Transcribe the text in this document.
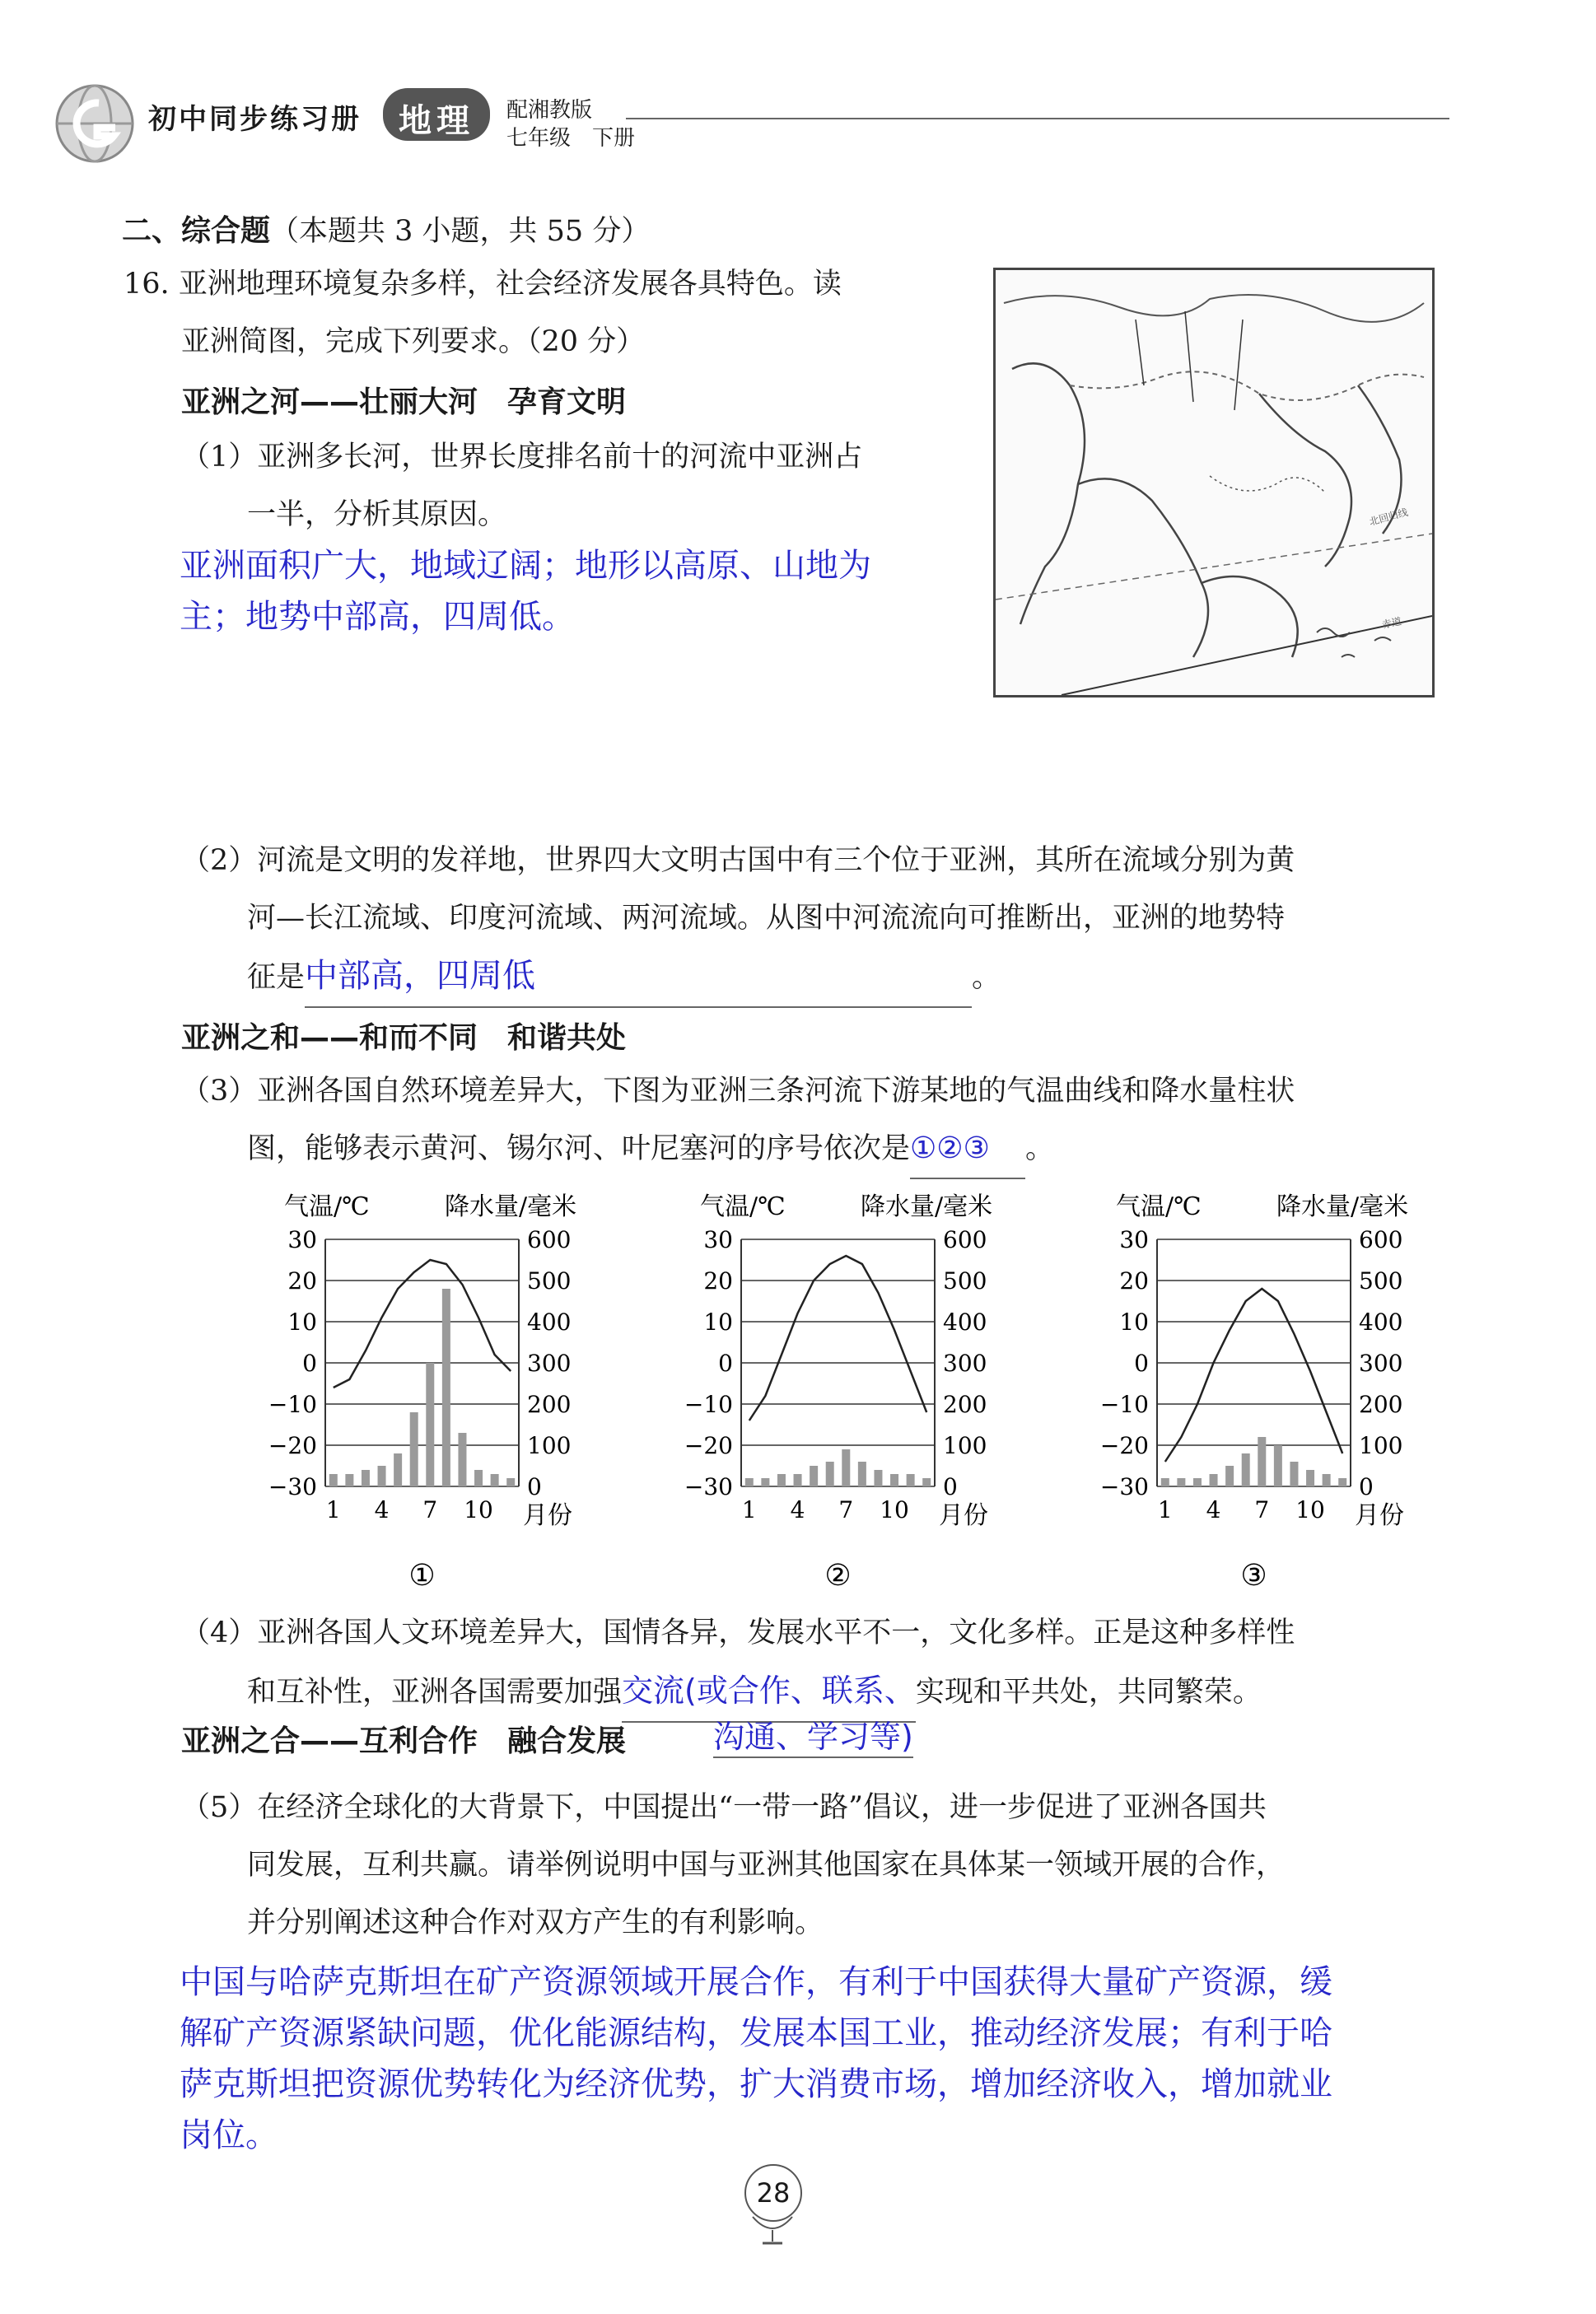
初中同步练习册	地理	配湘教版
七年级　下册
二、综合题（本题共 3 小题，共 55 分）
16. 亚洲地理环境复杂多样，社会经济发展各具特色。读
亚洲简图，完成下列要求。（20 分）
亚洲之河——壮丽大河　孕育文明
（1）亚洲多长河，世界长度排名前十的河流中亚洲占
一半，分析其原因。
亚洲面积广大，地域辽阔；地形以高原、山地为
主；地势中部高，四周低。
北回归线
赤道
（2）河流是文明的发祥地，世界四大文明古国中有三个位于亚洲，其所在流域分别为黄
河—长江流域、印度河流域、两河流域。从图中河流流向可推断出，亚洲的地势特
征是中部高，四周低	。
亚洲之和——和而不同　和谐共处
（3）亚洲各国自然环境差异大，下图为亚洲三条河流下游某地的气温曲线和降水量柱状
图，能够表示黄河、锡尔河、叶尼塞河的序号依次是①②③ 。
气温/℃	降水量/毫米
30	600
20	500
10	400
0	300
−10	200
−20	100
−30	0
1 4 7 10 月份
①
气温/℃	降水量/毫米
30	600
20	500
10	400
0	300
−10	200
−20	100
−30	0
1 4 7 10 月份
②
气温/℃	降水量/毫米
30	600
20	500
10	400
0	300
−10	200
−20	100
−30	0
1 4 7 10 月份
③
（4）亚洲各国人文环境差异大，国情各异，发展水平不一，文化多样。正是这种多样性
和互补性，亚洲各国需要加强交流(或合作、联系、实现和平共处，共同繁荣。
沟通、学习等)
亚洲之合——互利合作　融合发展
（5）在经济全球化的大背景下，中国提出“一带一路”倡议，进一步促进了亚洲各国共
同发展，互利共赢。请举例说明中国与亚洲其他国家在具体某一领域开展的合作，
并分别阐述这种合作对双方产生的有利影响。
中国与哈萨克斯坦在矿产资源领域开展合作，有利于中国获得大量矿产资源，缓
解矿产资源紧缺问题，优化能源结构，发展本国工业，推动经济发展；有利于哈
萨克斯坦把资源优势转化为经济优势，扩大消费市场，增加经济收入，增加就业
岗位。
28
